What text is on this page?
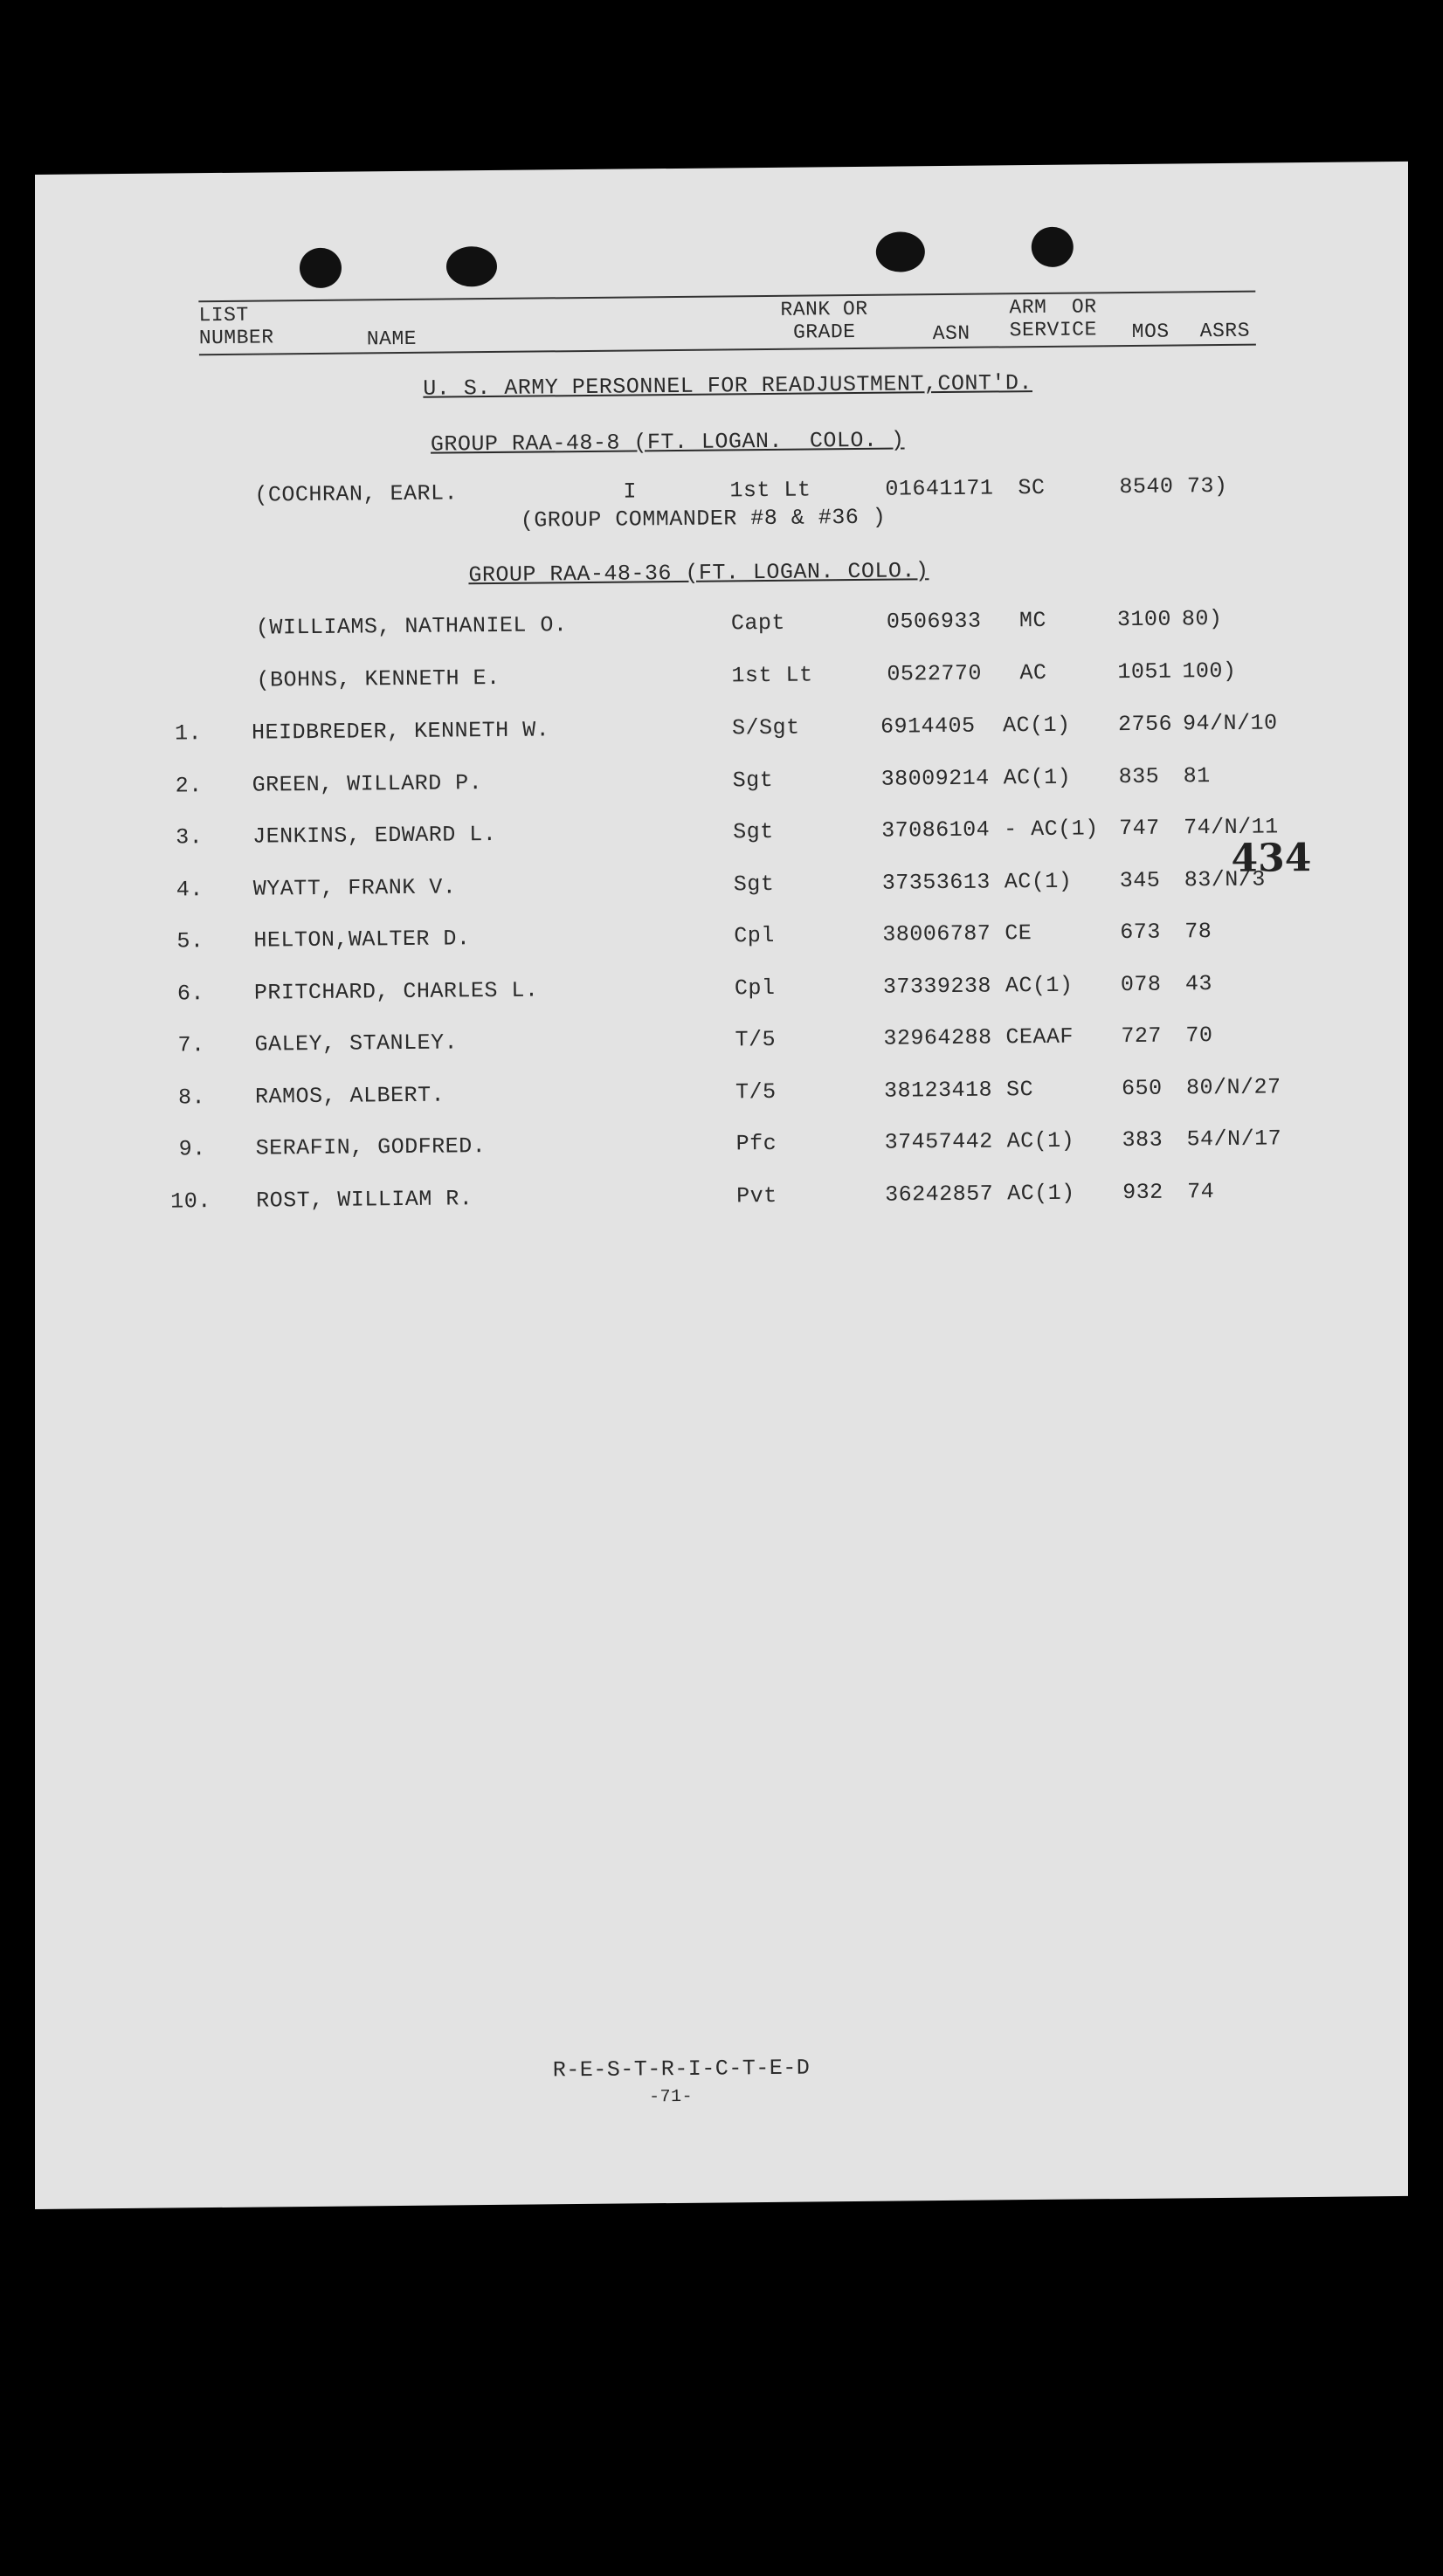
LIST
NUMBER	NAME
RANK OR
GRADE	ASN
ARM  OR
SERVICE MOS ASRS
U. S. ARMY PERSONNEL FOR READJUSTMENT,CONT'D.
GROUP RAA-48-8 (FT. LOGAN.  COLO. )
(COCHRAN, EARL.	I	1st Lt	01641171 SC	8540 73)
(GROUP COMMANDER #8 & #36 )
GROUP RAA-48-36 (FT. LOGAN. COLO.)
(WILLIAMS, NATHANIEL O.	Capt	0506933 MC	3100 80)
(BOHNS, KENNETH E.	1st Lt	0522770 AC	1051 100)
1. HEIDBREDER, KENNETH W.	S/Sgt	6914405 AC(1) 2756 94/N/10
2. GREEN, WILLARD P.	Sgt	38009214 AC(1) 835 81
3. JENKINS, EDWARD L.	Sgt	37086104 - AC(1) 747 74/N/11
4. WYATT, FRANK V.	Sgt	37353613 AC(1) 345 83/N/3
5. HELTON,WALTER D.	Cpl	38006787 CE	673 78
6. PRITCHARD, CHARLES L.	Cpl	37339238 AC(1) 078 43
7. GALEY, STANLEY.	T/5	32964288 CEAAF 727 70
8. RAMOS, ALBERT.	T/5	38123418 SC	650 80/N/27
9. SERAFIN, GODFRED.	Pfc	37457442 AC(1) 383 54/N/17
10. ROST, WILLIAM R.	Pvt	36242857 AC(1) 932 74
434
R-E-S-T-R-I-C-T-E-D
-71-
